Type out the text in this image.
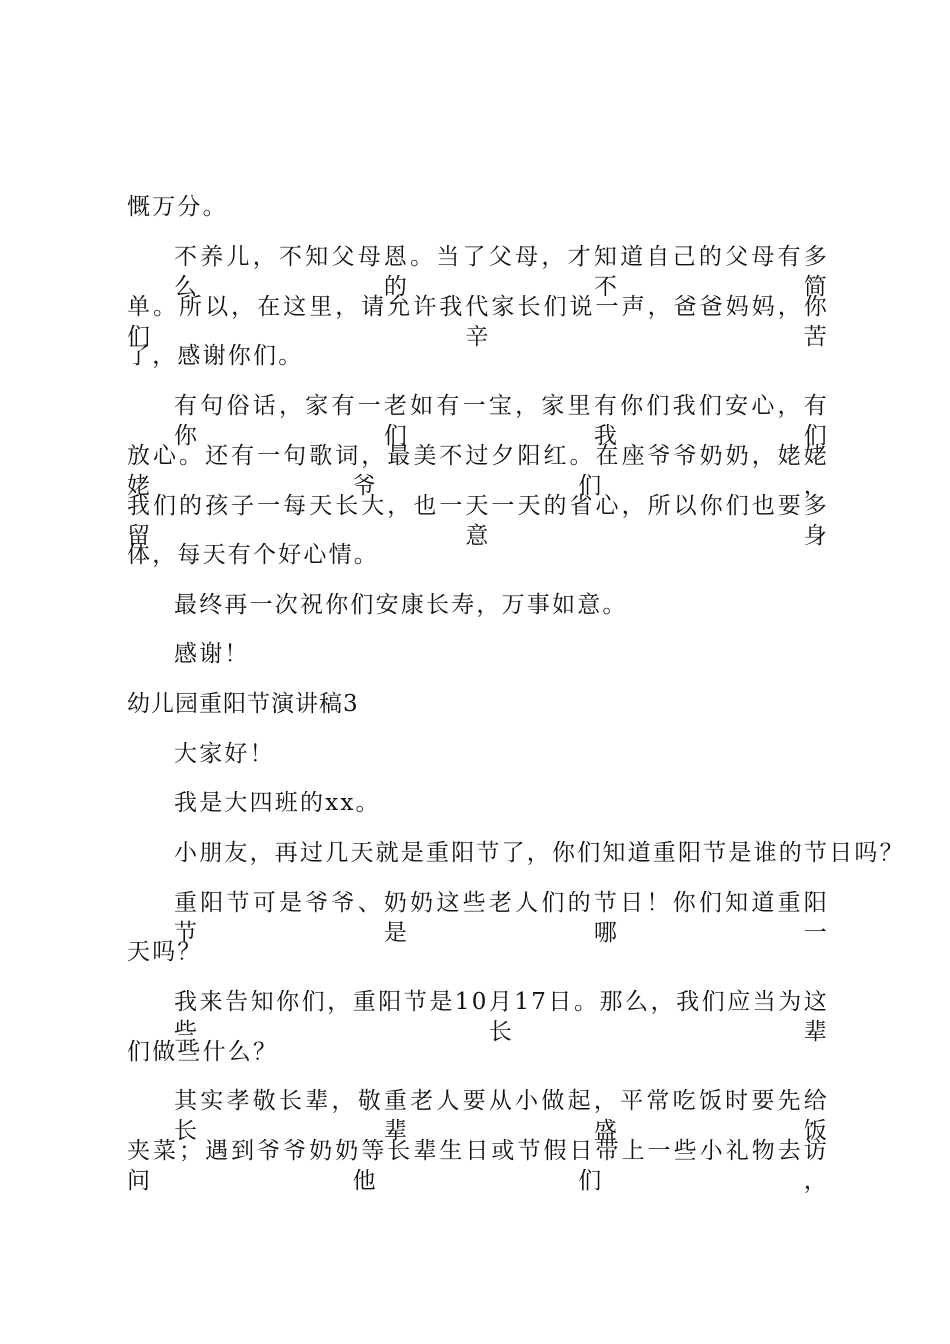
慨万分。
不养儿，不知父母恩。当了父母，才知道自己的父母有多么的不简
单。所以，在这里，请允许我代家长们说一声，爸爸妈妈，你们辛苦
了，感谢你们。
有句俗话，家有一老如有一宝，家里有你们我们安心，有你们我们
放心。还有一句歌词，最美不过夕阳红。在座爷爷奶奶，姥姥姥爷们，
我们的孩子一每天长大，也一天一天的省心，所以你们也要多留意身
体，每天有个好心情。
最终再一次祝你们安康长寿，万事如意。
感谢！
幼儿园重阳节演讲稿3
大家好！
我是大四班的xx。
小朋友，再过几天就是重阳节了，你们知道重阳节是谁的节日吗？
重阳节可是爷爷、奶奶这些老人们的节日！你们知道重阳节是哪一
天吗？
我来告知你们，重阳节是10月17日。那么，我们应当为这些长辈
们做些什么？
其实孝敬长辈，敬重老人要从小做起，平常吃饭时要先给长辈盛饭
夹菜；遇到爷爷奶奶等长辈生日或节假日带上一些小礼物去访问他们，
